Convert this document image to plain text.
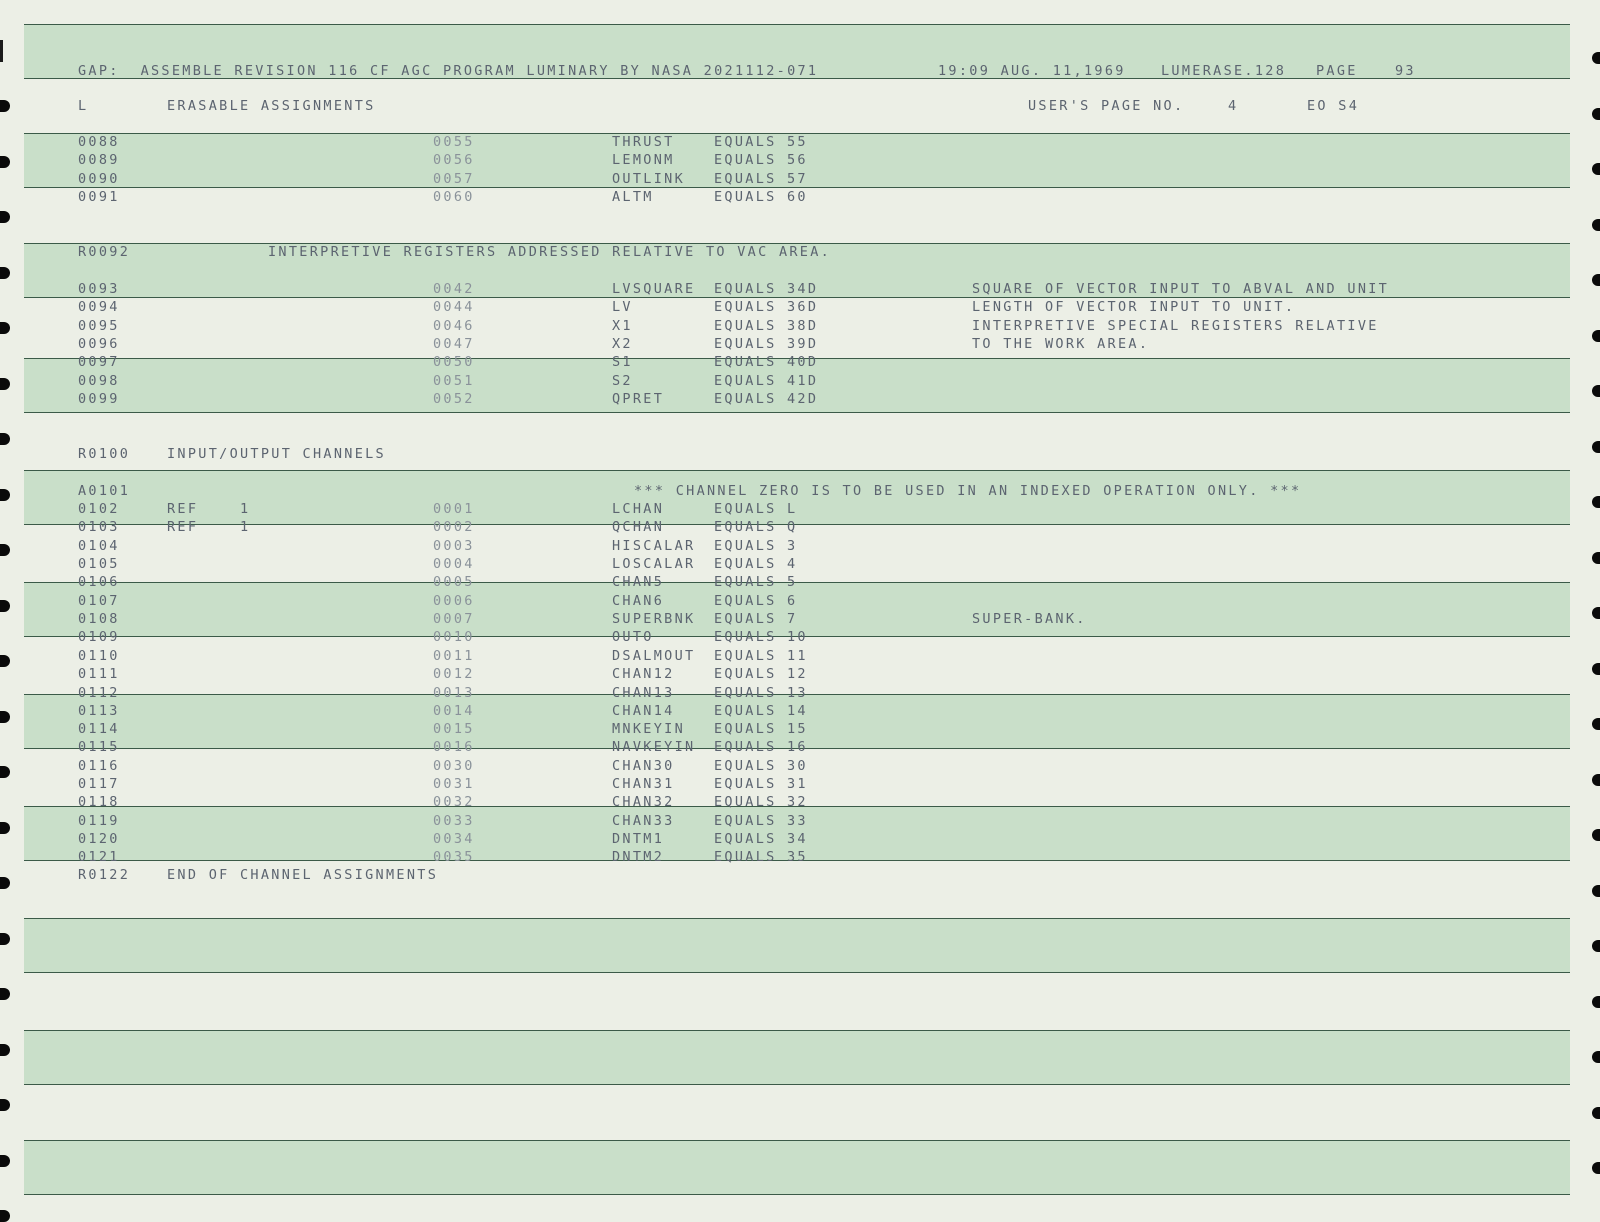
GAP:  ASSEMBLE REVISION 116 CF AGC PROGRAM LUMINARY BY NASA 2021112-071

	19:09 AUG. 11,1969

	LUMERASE.128

PAGE

	93

L

	ERASABLE ASSIGNMENTS

	USER'S PAGE NO.

	4

	EO S4

0088	0055	THRUST	EQUALS 55
0089	0056	LEMONM	EQUALS 56
0090	0057	OUTLINK EQUALS 57
0091	0060	ALTM	EQUALS 60
R0092	INTERPRETIVE REGISTERS ADDRESSED RELATIVE TO VAC AREA.
0093	0042	LVSQUARE EQUALS 34D	SQUARE OF VECTOR INPUT TO ABVAL AND UNIT
0094	0044	LV	EQUALS 36D	LENGTH OF VECTOR INPUT TO UNIT.
0095	0046	X1	EQUALS 38D	INTERPRETIVE SPECIAL REGISTERS RELATIVE
0096	0047	X2	EQUALS 39D	TO THE WORK AREA.
0097	0050	S1	EQUALS 40D
0098	0051	S2	EQUALS 41D
0099	0052	QPRET	EQUALS 42D
R0100	INPUT/OUTPUT CHANNELS
A0101	*** CHANNEL ZERO IS TO BE USED IN AN INDEXED OPERATION ONLY. ***
0102	REF    1	0001	LCHAN	EQUALS L
0103	REF    1	0002	QCHAN	EQUALS Q
0104	0003	HISCALAR EQUALS 3
0105	0004	LOSCALAR EQUALS 4
0106	0005	CHAN5	EQUALS 5
0107	0006	CHAN6	EQUALS 6
0108	0007	SUPERBNK EQUALS 7	SUPER-BANK.
0109	0010	OUTO	EQUALS 10
0110	0011	DSALMOUT EQUALS 11
0111	0012	CHAN12	EQUALS 12
0112	0013	CHAN13	EQUALS 13
0113	0014	CHAN14	EQUALS 14
0114	0015	MNKEYIN EQUALS 15
0115	0016	NAVKEYIN EQUALS 16
0116	0030	CHAN30	EQUALS 30
0117	0031	CHAN31	EQUALS 31
0118	0032	CHAN32	EQUALS 32
0119	0033	CHAN33	EQUALS 33
0120	0034	DNTM1	EQUALS 34
0121	0035	DNTM2	EQUALS 35
R0122	END OF CHANNEL ASSIGNMENTS
